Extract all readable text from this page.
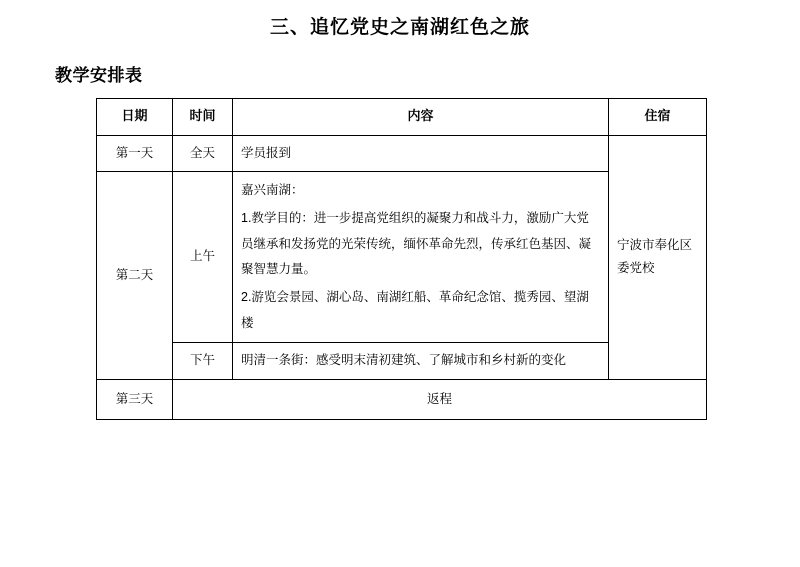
三、追忆党史之南湖红色之旅
教学安排表
日期	时间	内容	住宿
第一天	全天	学员报到	宁波市奉化区委党校
第二天	上午	嘉兴南湖：

1.教学目的：进一步提高党组织的凝聚力和战斗力，激励广大党员继承和发扬党的光荣传统，缅怀革命先烈，传承红色基因、凝聚智慧力量。

2.游览会景园、湖心岛、南湖红船、革命纪念馆、揽秀园、望湖楼	

	下午	明清一条街：感受明末清初建筑、了解城市和乡村新的变化	
第三天	返程		
